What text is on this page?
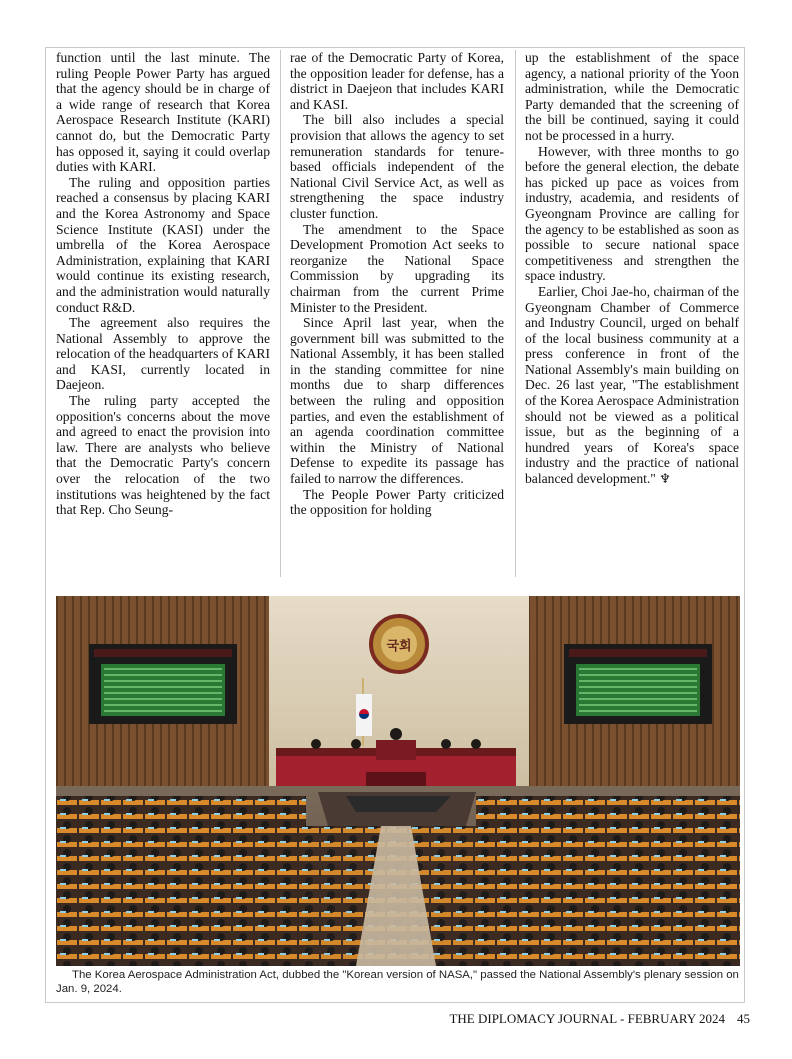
function until the last minute. The ruling People Power Party has argued that the agency should be in charge of a wide range of research that Korea Aerospace Research Institute (KARI) cannot do, but the Democratic Party has opposed it, saying it could overlap duties with KARI.

The ruling and opposition parties reached a consensus by placing KARI and the Korea Astronomy and Space Science Institute (KASI) under the umbrella of the Korea Aerospace Administration, explaining that KARI would continue its existing research, and the administration would naturally conduct R&D.

The agreement also requires the National Assembly to approve the relocation of the headquarters of KARI and KASI, currently located in Daejeon.

The ruling party accepted the opposition's concerns about the move and agreed to enact the provision into law. There are analysts who believe that the Democratic Party's concern over the relocation of the two institutions was heightened by the fact that Rep. Cho Seung-

rae of the Democratic Party of Korea, the opposition leader for defense, has a district in Daejeon that includes KARI and KASI.

The bill also includes a special provision that allows the agency to set remuneration standards for tenure-based officials independent of the National Civil Service Act, as well as strengthening the space industry cluster function.

The amendment to the Space Development Promotion Act seeks to reorganize the National Space Commission by upgrading its chairman from the current Prime Minister to the President.

Since April last year, when the government bill was submitted to the National Assembly, it has been stalled in the standing committee for nine months due to sharp differences between the ruling and opposition parties, and even the establishment of an agenda coordination committee within the Ministry of National Defense to expedite its passage has failed to narrow the differences.

The People Power Party criticized the opposition for holding

up the establishment of the space agency, a national priority of the Yoon administration, while the Democratic Party demanded that the screening of the bill be continued, saying it could not be processed in a hurry.

However, with three months to go before the general election, the debate has picked up pace as voices from industry, academia, and residents of Gyeongnam Province are calling for the agency to be established as soon as possible to secure national space competitiveness and strengthen the space industry.

Earlier, Choi Jae-ho, chairman of the Gyeongnam Chamber of Commerce and Industry Council, urged on behalf of the local business community at a press conference in front of the National Assembly's main building on Dec. 26 last year, "The establishment of the Korea Aerospace Administration should not be viewed as a political issue, but as the beginning of a hundred years of Korea's space industry and the practice of national balanced development." ♆

국회
The Korea Aerospace Administration Act, dubbed the "Korean version of NASA," passed the National Assembly's plenary session on Jan. 9, 2024.
THE DIPLOMACY JOURNAL - FEBRUARY 2024 45
